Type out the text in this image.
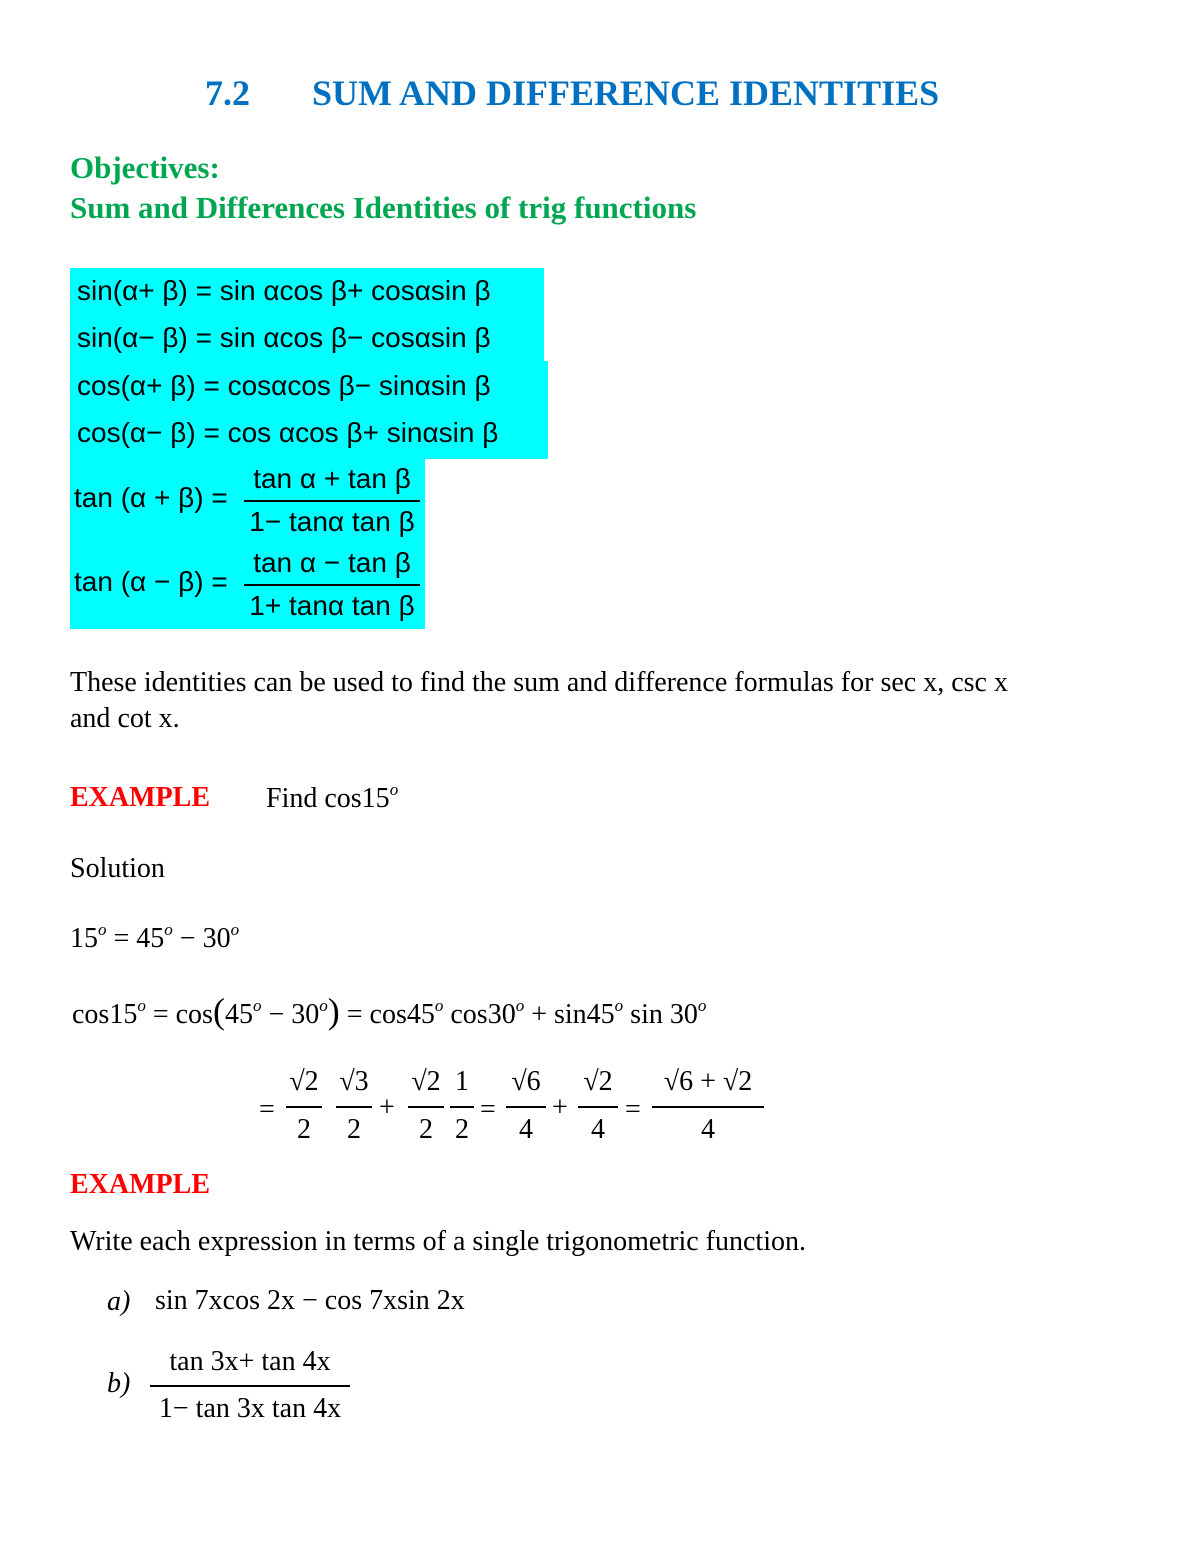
7.2 SUM AND DIFFERENCE IDENTITIES
Objectives:
Sum and Differences Identities of trig functions
sin(α+ β) = sin αcos β+ cosαsin β
sin(α− β) = sin αcos β− cosαsin β
cos(α+ β) = cosαcos β− sinαsin β
cos(α− β) = cos αcos β+ sinαsin β
tan (α + β) =
tan α + tan β
1− tanα tan β
tan (α − β) =
tan α − tan β
1+ tanα tan β
These identities can be used to find the sum and difference formulas for sec x, csc x
and cot x.
EXAMPLE Find cos15$^o$
Solution
$15^o = 45^o - 30^o$
$\cos 15^o = \cos(45^o - 30^o) = \cos 45^o$ $\cos 30^o + \sin 45^o$ $\sin 30^o$
=
√2
2
√3
2
+
√2
2
1
2
=
√6
4
+
√2
4
=
√6 + √2
4
EXAMPLE
Write each expression in terms of a single trigonometric function.
a) sin 7xcos 2x − cos 7xsin 2x
b)
tan 3x+ tan 4x
1− tan 3x tan 4x
